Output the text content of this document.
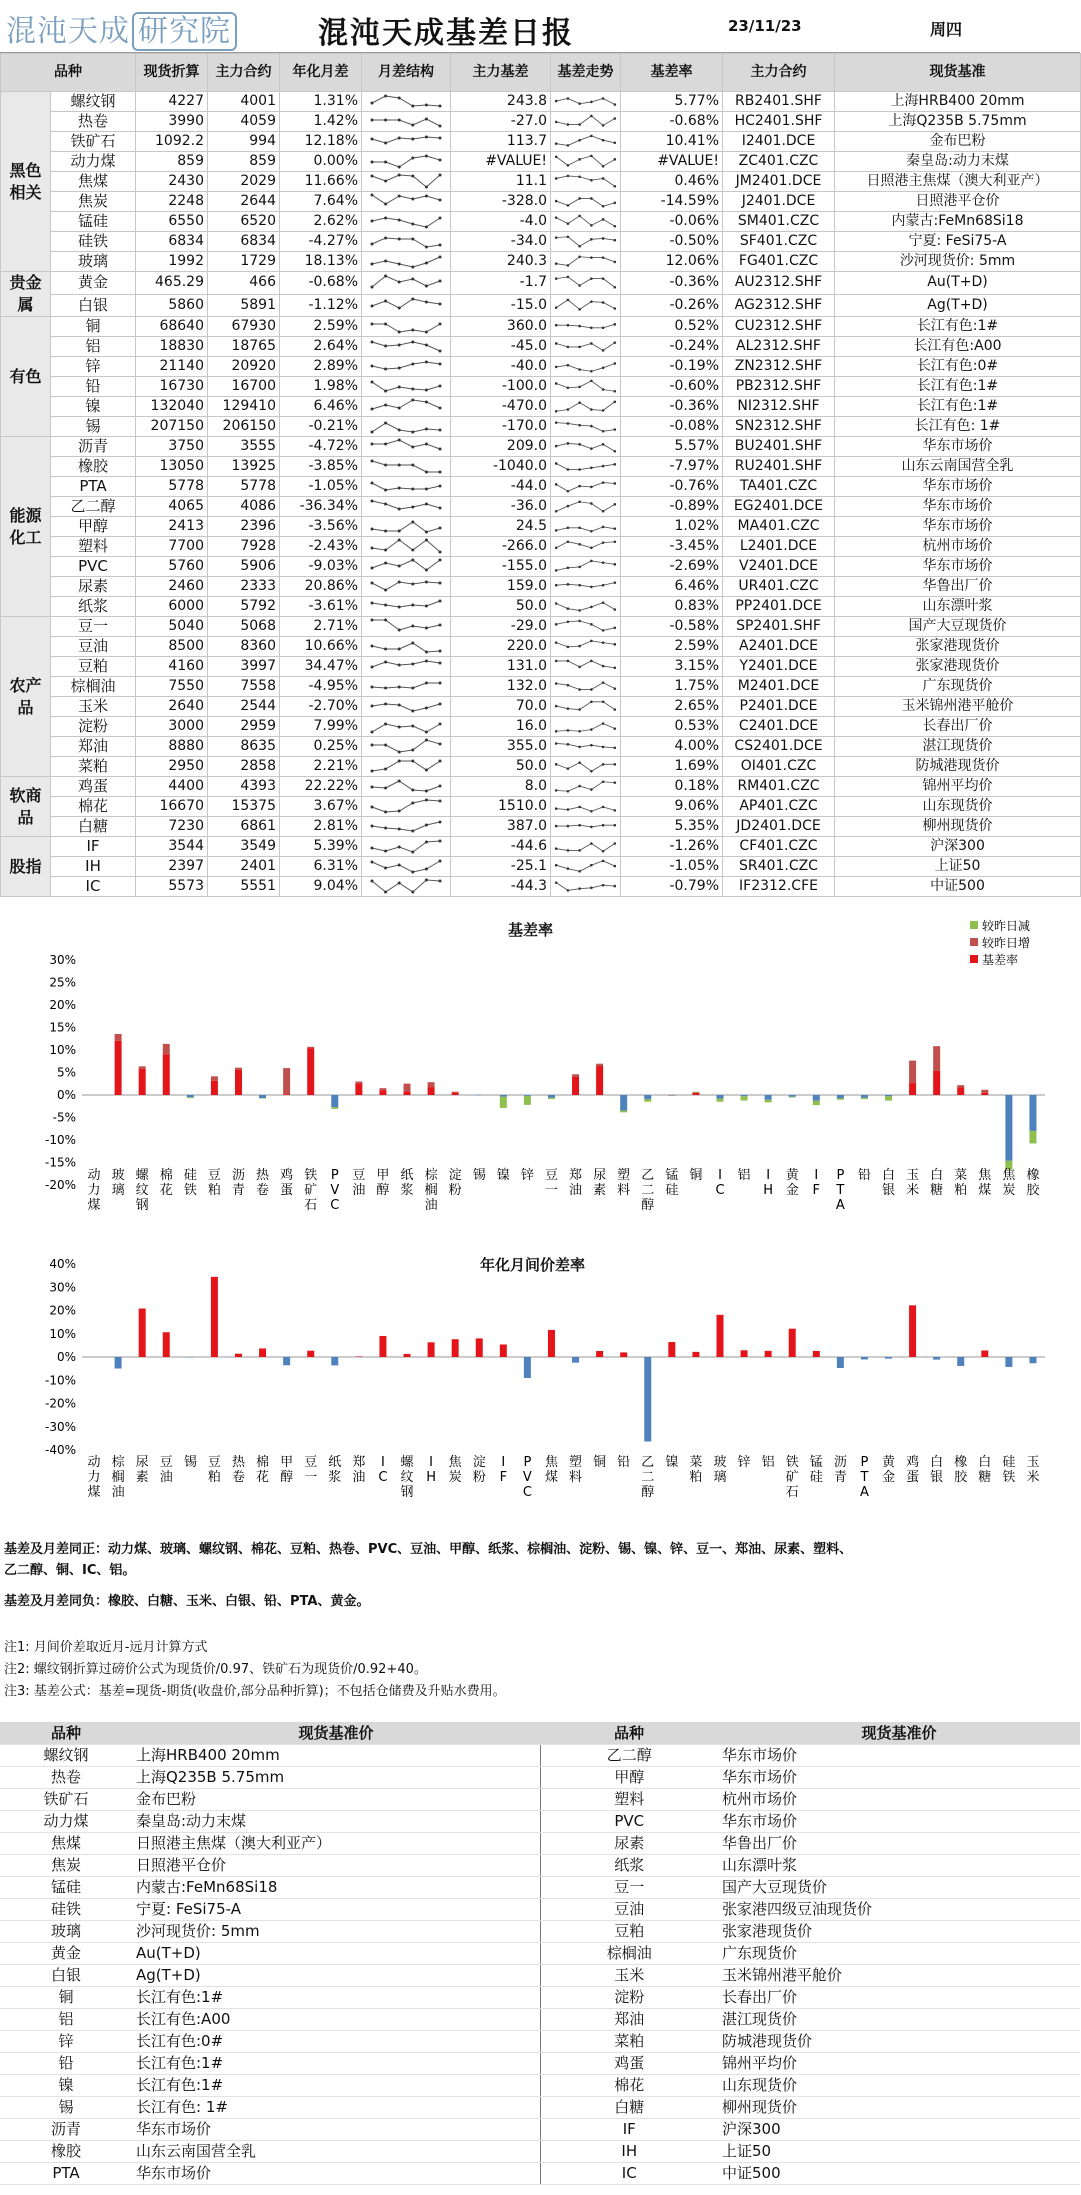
混沌天成 研究院	混沌天成基差日报	23/11/23	周四
品种		现货折算	主力合约	年化月差	月差结构	主力基差	基差走势	基差率	主力合约	现货基准
黑色相关	螺纹钢	4227	4001	1.31%		243.8		5.77%	RB2401.SHF	上海HRB400 20mm
	热卷	3990	4059	1.42%		-27.0		-0.68%	HC2401.SHF	上海Q235B 5.75mm
	铁矿石	1092.2	994	12.18%		113.7		10.41%	I2401.DCE	金布巴粉
	动力煤	859	859	0.00%		#VALUE!		#VALUE!	ZC401.CZC	秦皇岛:动力末煤
	焦煤	2430	2029	11.66%		11.1		0.46%	JM2401.DCE	日照港主焦煤（澳大利亚产）
	焦炭	2248	2644	7.64%		-328.0		-14.59%	J2401.DCE	日照港平仓价
	锰硅	6550	6520	2.62%		-4.0		-0.06%	SM401.CZC	内蒙古:FeMn68Si18
	硅铁	6834	6834	-4.27%		-34.0		-0.50%	SF401.CZC	宁夏: FeSi75-A
	玻璃	1992	1729	18.13%		240.3		12.06%	FG401.CZC	沙河现货价: 5mm
贵金属	黄金	465.29	466	-0.68%		-1.7		-0.36%	AU2312.SHF	Au(T+D)
	白银	5860	5891	-1.12%		-15.0		-0.26%	AG2312.SHF	Ag(T+D)
有色	铜	68640	67930	2.59%		360.0		0.52%	CU2312.SHF	长江有色:1#
	铝	18830	18765	2.64%		-45.0		-0.24%	AL2312.SHF	长江有色:A00
	锌	21140	20920	2.89%		-40.0		-0.19%	ZN2312.SHF	长江有色:0#
	铅	16730	16700	1.98%		-100.0		-0.60%	PB2312.SHF	长江有色:1#
	镍	132040	129410	6.46%		-470.0		-0.36%	NI2312.SHF	长江有色:1#
	锡	207150	206150	-0.21%		-170.0		-0.08%	SN2312.SHF	长江有色: 1#
能源化工	沥青	3750	3555	-4.72%		209.0		5.57%	BU2401.SHF	华东市场价
	橡胶	13050	13925	-3.85%		-1040.0		-7.97%	RU2401.SHF	山东云南国营全乳
	PTA	5778	5778	-1.05%		-44.0		-0.76%	TA401.CZC	华东市场价
	乙二醇	4065	4086	-36.34%		-36.0		-0.89%	EG2401.DCE	华东市场价
	甲醇	2413	2396	-3.56%		24.5		1.02%	MA401.CZC	华东市场价
	塑料	7700	7928	-2.43%		-266.0		-3.45%	L2401.DCE	杭州市场价
	PVC	5760	5906	-9.03%		-155.0		-2.69%	V2401.DCE	华东市场价
	尿素	2460	2333	20.86%		159.0		6.46%	UR401.CZC	华鲁出厂价
	纸浆	6000	5792	-3.61%		50.0		0.83%	PP2401.DCE	山东漂叶浆
农产品	豆一	5040	5068	2.71%		-29.0		-0.58%	SP2401.SHF	国产大豆现货价
	豆油	8500	8360	10.66%		220.0		2.59%	A2401.DCE	张家港现货价
	豆粕	4160	3997	34.47%		131.0		3.15%	Y2401.DCE	张家港现货价
	棕榈油	7550	7558	-4.95%		132.0		1.75%	M2401.DCE	广东现货价
	玉米	2640	2544	-2.70%		70.0		2.65%	P2401.DCE	玉米锦州港平舱价
	淀粉	3000	2959	7.99%		16.0		0.53%	C2401.DCE	长春出厂价
	郑油	8880	8635	0.25%		355.0		4.00%	CS2401.DCE	湛江现货价
	菜粕	2950	2858	2.21%		50.0		1.69%	OI401.CZC	防城港现货价
软商品	鸡蛋	4400	4393	22.22%		8.0		0.18%	RM401.CZC	锦州平均价
	棉花	16670	15375	3.67%		1510.0		9.06%	AP401.CZC	山东现货价
	白糖	7230	6861	2.81%		387.0		5.35%	JD2401.DCE	柳州现货价
股指	IF	3544	3549	5.39%		-44.6		-1.26%	CF401.CZC	沪深300
	IH	2397	2401	6.31%		-25.1		-1.05%	SR401.CZC	上证50
	IC	5573	5551	9.04%		-44.3		-0.79%	IF2312.CFE	中证500
基差率
-20%
-15%
-10%
-5%
0%
5%
10%
15%
20%
25%
30%
动力煤
玻璃
螺纹钢
棉花
硅铁
豆粕
沥青
热卷
鸡蛋
铁矿石
P V C
豆油
甲醇
纸浆
棕榈油
淀粉
锡 镍 锌 豆一
郑油
尿素
塑料
乙二醇
锰硅
铜 I C
铝 I H
黄金
I F
P T A
铅 白银
玉米
白糖
菜粕
焦煤
焦炭
橡胶
较昨日减
较昨日增
基差率
年化月间价差率
-40%
-30%
-20%
-10%
0%
10%
20%
30%
40%
动力煤
棕榈油
尿素
豆油
锡 豆粕
热卷
棉花
甲醇
豆一
纸浆
郑油
I C
螺纹钢
I H
焦炭
淀粉
I F
P V C
焦煤
塑料
铜 铅 乙二醇
镍 菜粕
玻璃
锌 铝 铁矿石
锰硅
沥青
P T A
黄金
鸡蛋
白银
橡胶
白糖
硅铁
玉米
基差及月差同正：动力煤、玻璃、螺纹钢、棉花、豆粕、热卷、PVC、豆油、甲醇、纸浆、棕榈油、淀粉、锡、镍、锌、豆一、郑油、尿素、塑料、
乙二醇、铜、IC、铝。
基差及月差同负：橡胶、白糖、玉米、白银、铅、PTA、黄金。
注1: 月间价差取近月-远月计算方式
注2: 螺纹钢折算过磅价公式为现货价/0.97、铁矿石为现货价/0.92+40。
注3: 基差公式：基差=现货-期货(收盘价,部分品种折算)；不包括仓储费及升贴水费用。
品种	现货基准价	品种	现货基准价
螺纹钢	上海HRB400 20mm	乙二醇	华东市场价
热卷	上海Q235B 5.75mm	甲醇	华东市场价
铁矿石	金布巴粉	塑料	杭州市场价
动力煤	秦皇岛:动力末煤	PVC	华东市场价
焦煤	日照港主焦煤（澳大利亚产）	尿素	华鲁出厂价
焦炭	日照港平仓价	纸浆	山东漂叶浆
锰硅	内蒙古:FeMn68Si18	豆一	国产大豆现货价
硅铁	宁夏: FeSi75-A	豆油	张家港四级豆油现货价
玻璃	沙河现货价: 5mm	豆粕	张家港现货价
黄金	Au(T+D)	棕榈油	广东现货价
白银	Ag(T+D)	玉米	玉米锦州港平舱价
铜	长江有色:1#	淀粉	长春出厂价
铝	长江有色:A00	郑油	湛江现货价
锌	长江有色:0#	菜粕	防城港现货价
铅	长江有色:1#	鸡蛋	锦州平均价
镍	长江有色:1#	棉花	山东现货价
锡	长江有色: 1#	白糖	柳州现货价
沥青	华东市场价	IF	沪深300
橡胶	山东云南国营全乳	IH	上证50
PTA	华东市场价	IC	中证500
